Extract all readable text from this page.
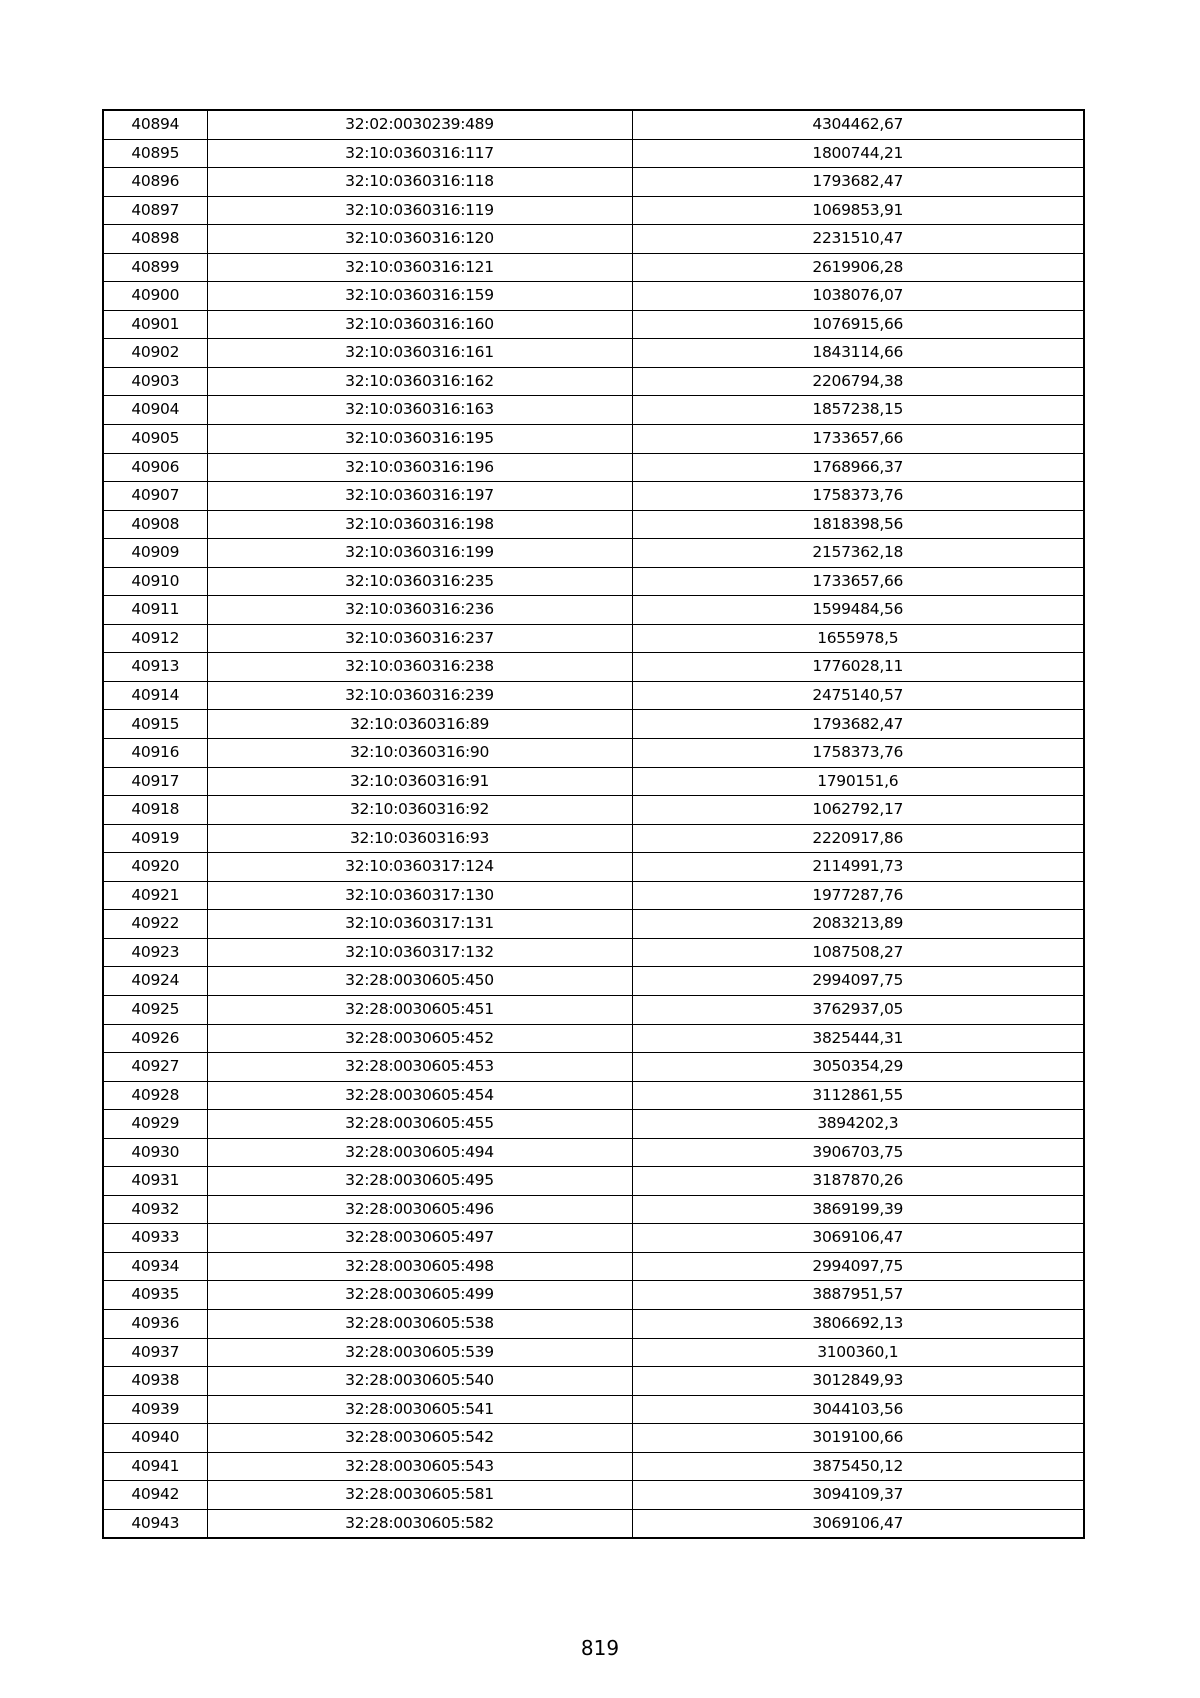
40894	32:02:0030239:489	4304462,67
40895	32:10:0360316:117	1800744,21
40896	32:10:0360316:118	1793682,47
40897	32:10:0360316:119	1069853,91
40898	32:10:0360316:120	2231510,47
40899	32:10:0360316:121	2619906,28
40900	32:10:0360316:159	1038076,07
40901	32:10:0360316:160	1076915,66
40902	32:10:0360316:161	1843114,66
40903	32:10:0360316:162	2206794,38
40904	32:10:0360316:163	1857238,15
40905	32:10:0360316:195	1733657,66
40906	32:10:0360316:196	1768966,37
40907	32:10:0360316:197	1758373,76
40908	32:10:0360316:198	1818398,56
40909	32:10:0360316:199	2157362,18
40910	32:10:0360316:235	1733657,66
40911	32:10:0360316:236	1599484,56
40912	32:10:0360316:237	1655978,5
40913	32:10:0360316:238	1776028,11
40914	32:10:0360316:239	2475140,57
40915	32:10:0360316:89	1793682,47
40916	32:10:0360316:90	1758373,76
40917	32:10:0360316:91	1790151,6
40918	32:10:0360316:92	1062792,17
40919	32:10:0360316:93	2220917,86
40920	32:10:0360317:124	2114991,73
40921	32:10:0360317:130	1977287,76
40922	32:10:0360317:131	2083213,89
40923	32:10:0360317:132	1087508,27
40924	32:28:0030605:450	2994097,75
40925	32:28:0030605:451	3762937,05
40926	32:28:0030605:452	3825444,31
40927	32:28:0030605:453	3050354,29
40928	32:28:0030605:454	3112861,55
40929	32:28:0030605:455	3894202,3
40930	32:28:0030605:494	3906703,75
40931	32:28:0030605:495	3187870,26
40932	32:28:0030605:496	3869199,39
40933	32:28:0030605:497	3069106,47
40934	32:28:0030605:498	2994097,75
40935	32:28:0030605:499	3887951,57
40936	32:28:0030605:538	3806692,13
40937	32:28:0030605:539	3100360,1
40938	32:28:0030605:540	3012849,93
40939	32:28:0030605:541	3044103,56
40940	32:28:0030605:542	3019100,66
40941	32:28:0030605:543	3875450,12
40942	32:28:0030605:581	3094109,37
40943	32:28:0030605:582	3069106,47
819
